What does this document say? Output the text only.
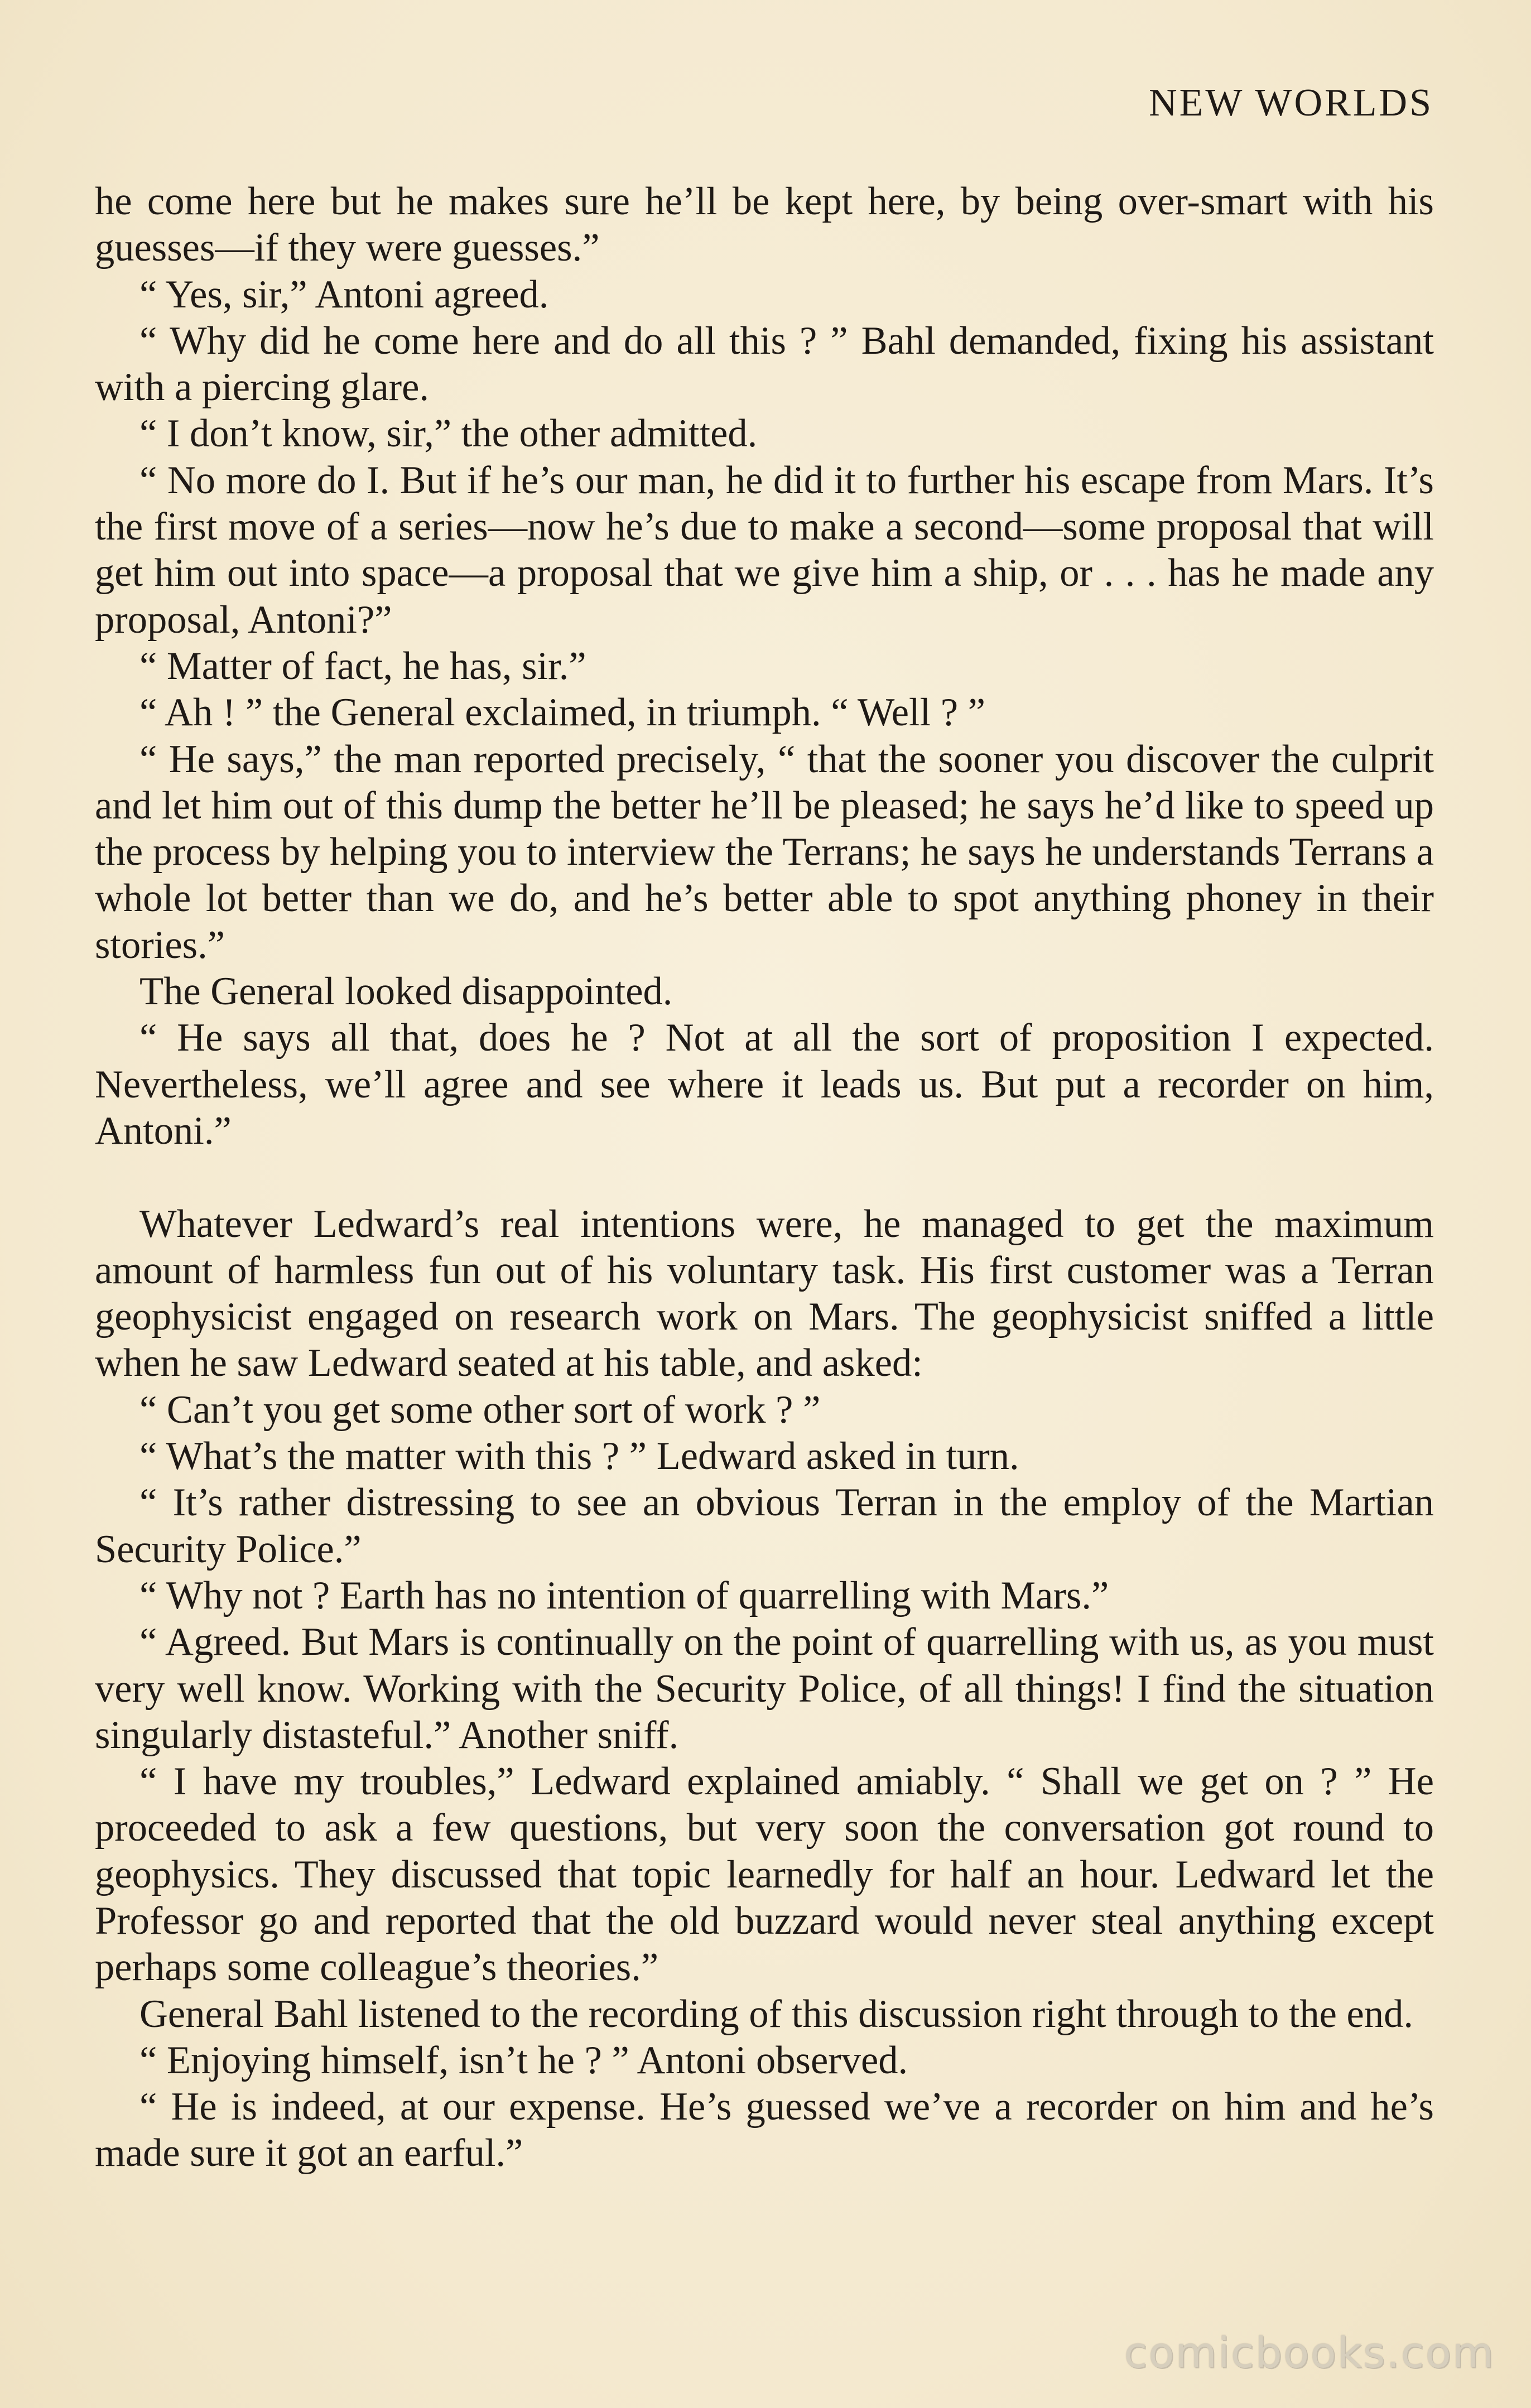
NEW WORLDS

he come here but he makes sure he’ll be kept here, by being over-smart with his guesses—if they were guesses.”

“ Yes, sir,” Antoni agreed.

“ Why did he come here and do all this ? ” Bahl demanded, fixing his assistant with a piercing glare.

“ I don’t know, sir,” the other admitted.

“ No more do I. But if he’s our man, he did it to further his escape from Mars. It’s the first move of a series—now he’s due to make a second—some proposal that will get him out into space—a proposal that we give him a ship, or . . . has he made any proposal, Antoni?”

“ Matter of fact, he has, sir.”

“ Ah ! ” the General exclaimed, in triumph. “ Well ? ”

“ He says,” the man reported precisely, “ that the sooner you discover the culprit and let him out of this dump the better he’ll be pleased; he says he’d like to speed up the process by helping you to interview the Terrans; he says he understands Terrans a whole lot better than we do, and he’s better able to spot anything phoney in their stories.”

The General looked disappointed.

“ He says all that, does he ? Not at all the sort of proposition I expected. Nevertheless, we’ll agree and see where it leads us. But put a recorder on him, Antoni.”

Whatever Ledward’s real intentions were, he managed to get the maximum amount of harmless fun out of his voluntary task. His first customer was a Terran geophysicist engaged on research work on Mars. The geophysicist sniffed a little when he saw Ledward seated at his table, and asked:

“ Can’t you get some other sort of work ? ”

“ What’s the matter with this ? ” Ledward asked in turn.

“ It’s rather distressing to see an obvious Terran in the employ of the Martian Security Police.”

“ Why not ? Earth has no intention of quarrelling with Mars.”

“ Agreed. But Mars is continually on the point of quarrelling with us, as you must very well know. Working with the Security Police, of all things! I find the situation singularly distasteful.” Another sniff.

“ I have my troubles,” Ledward explained amiably. “ Shall we get on ? ” He proceeded to ask a few questions, but very soon the conversation got round to geophysics. They discussed that topic learnedly for half an hour. Ledward let the Professor go and reported that the old buzzard would never steal anything except perhaps some colleague’s theories.”

General Bahl listened to the recording of this discussion right through to the end.

“ Enjoying himself, isn’t he ? ” Antoni observed.

“ He is indeed, at our expense. He’s guessed we’ve a recorder on him and he’s made sure it got an earful.”

comicbooks.com
